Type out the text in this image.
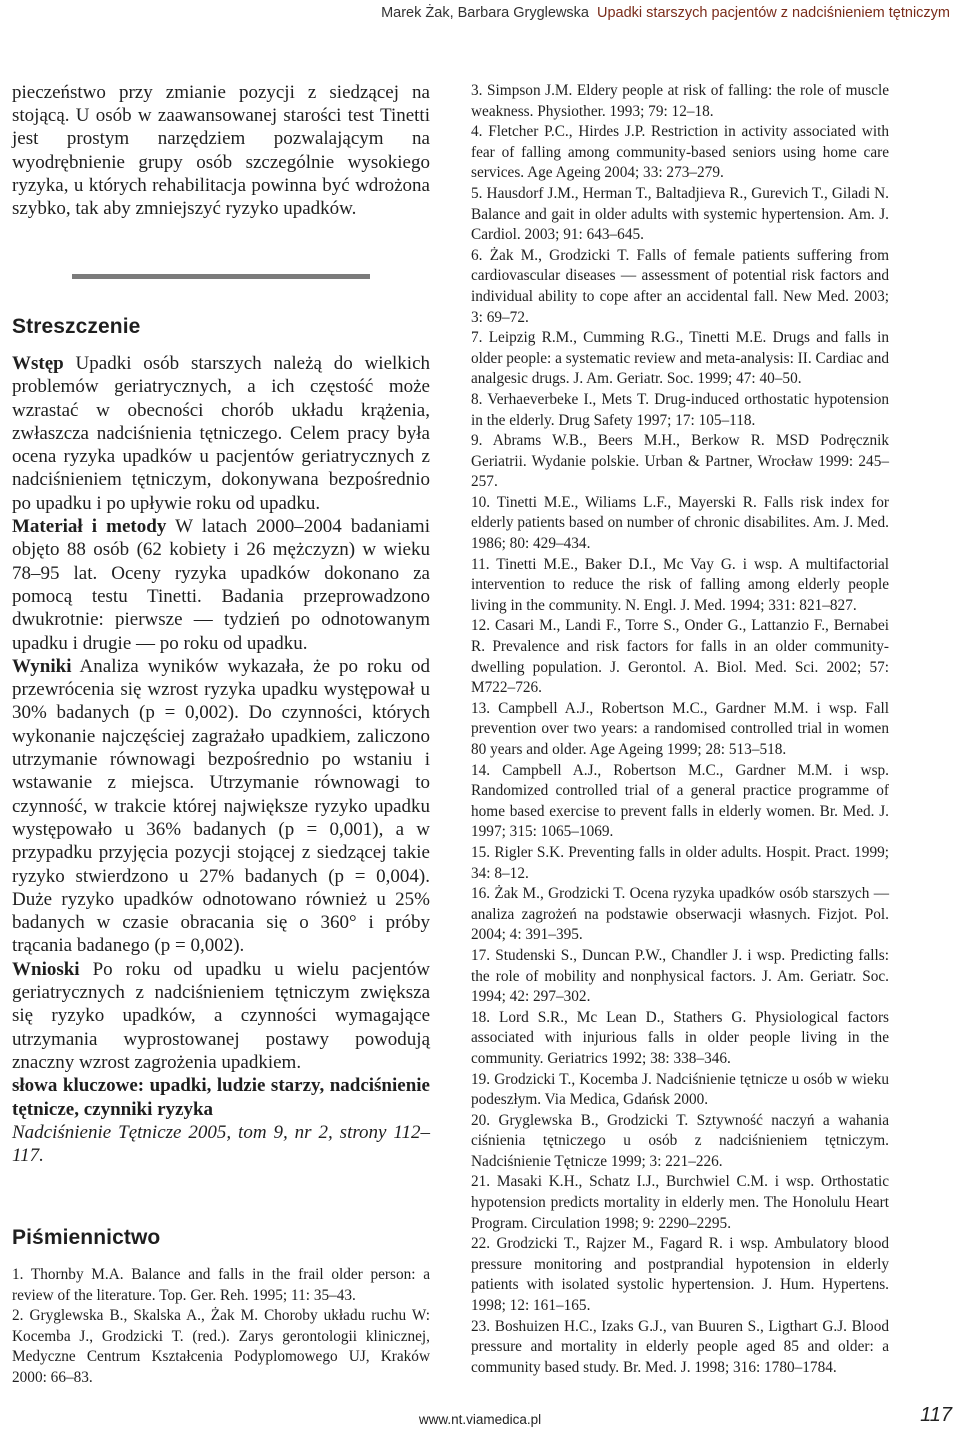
Marek Żak, Barbara Gryglewska Upadki starszych pacjentów z nadciśnieniem tętniczym

pieczeństwo przy zmianie pozycji z siedzącej na stojącą. U osób w zaawansowanej starości test Tinetti jest prostym narzędziem pozwalającym na wyodrębnienie grupy osób szczególnie wysokiego ryzyka, u których rehabilitacja powinna być wdrożona szybko, tak aby zmniejszyć ryzyko upadków.

Streszczenie

Wstęp Upadki osób starszych należą do wielkich problemów geriatrycznych, a ich częstość może wzrastać w obecności chorób układu krążenia, zwłaszcza nadciśnienia tętniczego. Celem pracy była ocena ryzyka upadków u pacjentów geriatrycznych z nadciśnieniem tętniczym, dokonywana bezpośrednio po upadku i po upływie roku od upadku.

Materiał i metody W latach 2000–2004 badaniami objęto 88 osób (62 kobiety i 26 mężczyzn) w wieku 78–95 lat. Oceny ryzyka upadków dokonano za pomocą testu Tinetti. Badania przeprowadzono dwukrotnie: pierwsze — tydzień po odnotowanym upadku i drugie — po roku od upadku.

Wyniki Analiza wyników wykazała, że po roku od przewrócenia się wzrost ryzyka upadku występował u 30% badanych (p = 0,002). Do czynności, których wykonanie najczęściej zagrażało upadkiem, zaliczono utrzymanie równowagi bezpośrednio po wstaniu i wstawanie z miejsca. Utrzymanie równowagi to czynność, w trakcie której największe ryzyko upadku występowało u 36% badanych (p = 0,001), a w przypadku przyjęcia pozycji stojącej z siedzącej takie ryzyko stwierdzono u 27% badanych (p = 0,004). Duże ryzyko upadków odnotowano również u 25% badanych w czasie obracania się o 360° i próby trącania badanego (p = 0,002).

Wnioski Po roku od upadku u wielu pacjentów geriatrycznych z nadciśnieniem tętniczym zwiększa się ryzyko upadków, a czynności wymagające utrzymania wyprostowanej postawy powodują znaczny wzrost zagrożenia upadkiem.

słowa kluczowe: upadki, ludzie starzy, nadciśnienie tętnicze, czynniki ryzyka

Nadciśnienie Tętnicze 2005, tom 9, nr 2, strony 112–117.

Piśmiennictwo
1. Thornby M.A. Balance and falls in the frail older person: a review of the literature. Top. Ger. Reh. 1995; 11: 35–43.
2. Gryglewska B., Skalska A., Żak M. Choroby układu ruchu W: Kocemba J., Grodzicki T. (red.). Zarys gerontologii klinicznej, Medyczne Centrum Kształcenia Podyplomowego UJ, Kraków 2000: 66–83.
3. Simpson J.M. Eldery people at risk of falling: the role of muscle weakness. Physiother. 1993; 79: 12–18.
4. Fletcher P.C., Hirdes J.P. Restriction in activity associated with fear of falling among community-based seniors using home care services. Age Ageing 2004; 33: 273–279.
5. Hausdorf J.M., Herman T., Baltadjieva R., Gurevich T., Giladi N. Balance and gait in older adults with systemic hypertension. Am. J. Cardiol. 2003; 91: 643–645.
6. Żak M., Grodzicki T. Falls of female patients suffering from cardiovascular diseases — assessment of potential risk factors and individual ability to cope after an accidental fall. New Med. 2003; 3: 69–72.
7. Leipzig R.M., Cumming R.G., Tinetti M.E. Drugs and falls in older people: a systematic review and meta-analysis: II. Cardiac and analgesic drugs. J. Am. Geriatr. Soc. 1999; 47: 40–50.
8. Verhaeverbeke I., Mets T. Drug-induced orthostatic hypotension in the elderly. Drug Safety 1997; 17: 105–118.
9. Abrams W.B., Beers M.H., Berkow R. MSD Podręcznik Geriatrii. Wydanie polskie. Urban & Partner, Wrocław 1999: 245–257.
10. Tinetti M.E., Wiliams L.F., Mayerski R. Falls risk index for elderly patients based on number of chronic disabilites. Am. J. Med. 1986; 80: 429–434.
11. Tinetti M.E., Baker D.I., Mc Vay G. i wsp. A multifactorial intervention to reduce the risk of falling among elderly people living in the community. N. Engl. J. Med. 1994; 331: 821–827.
12. Casari M., Landi F., Torre S., Onder G., Lattanzio F., Bernabei R. Prevalence and risk factors for falls in an older community-dwelling population. J. Gerontol. A. Biol. Med. Sci. 2002; 57: M722–726.
13. Campbell A.J., Robertson M.C., Gardner M.M. i wsp. Fall prevention over two years: a randomised controlled trial in women 80 years and older. Age Ageing 1999; 28: 513–518.
14. Campbell A.J., Robertson M.C., Gardner M.M. i wsp. Randomized controlled trial of a general practice programme of home based exercise to prevent falls in elderly women. Br. Med. J. 1997; 315: 1065–1069.
15. Rigler S.K. Preventing falls in older adults. Hospit. Pract. 1999; 34: 8–12.
16. Żak M., Grodzicki T. Ocena ryzyka upadków osób starszych — analiza zagrożeń na podstawie obserwacji własnych. Fizjot. Pol. 2004; 4: 391–395.
17. Studenski S., Duncan P.W., Chandler J. i wsp. Predicting falls: the role of mobility and nonphysical factors. J. Am. Geriatr. Soc. 1994; 42: 297–302.
18. Lord S.R., Mc Lean D., Stathers G. Physiological factors associated with injurious falls in older people living in the community. Geriatrics 1992; 38: 338–346.
19. Grodzicki T., Kocemba J. Nadciśnienie tętnicze u osób w wieku podeszłym. Via Medica, Gdańsk 2000.
20. Gryglewska B., Grodzicki T. Sztywność naczyń a wahania ciśnienia tętniczego u osób z nadciśnieniem tętniczym. Nadciśnienie Tętnicze 1999; 3: 221–226.
21. Masaki K.H., Schatz I.J., Burchwiel C.M. i wsp. Orthostatic hypotension predicts mortality in elderly men. The Honolulu Heart Program. Circulation 1998; 9: 2290–2295.
22. Grodzicki T., Rajzer M., Fagard R. i wsp. Ambulatory blood pressure monitoring and postprandial hypotension in elderly patients with isolated systolic hypertension. J. Hum. Hypertens. 1998; 12: 161–165.
23. Boshuizen H.C., Izaks G.J., van Buuren S., Ligthart G.J. Blood pressure and mortality in elderly people aged 85 and older: a community based study. Br. Med. J. 1998; 316: 1780–1784.
www.nt.viamedica.pl	117
